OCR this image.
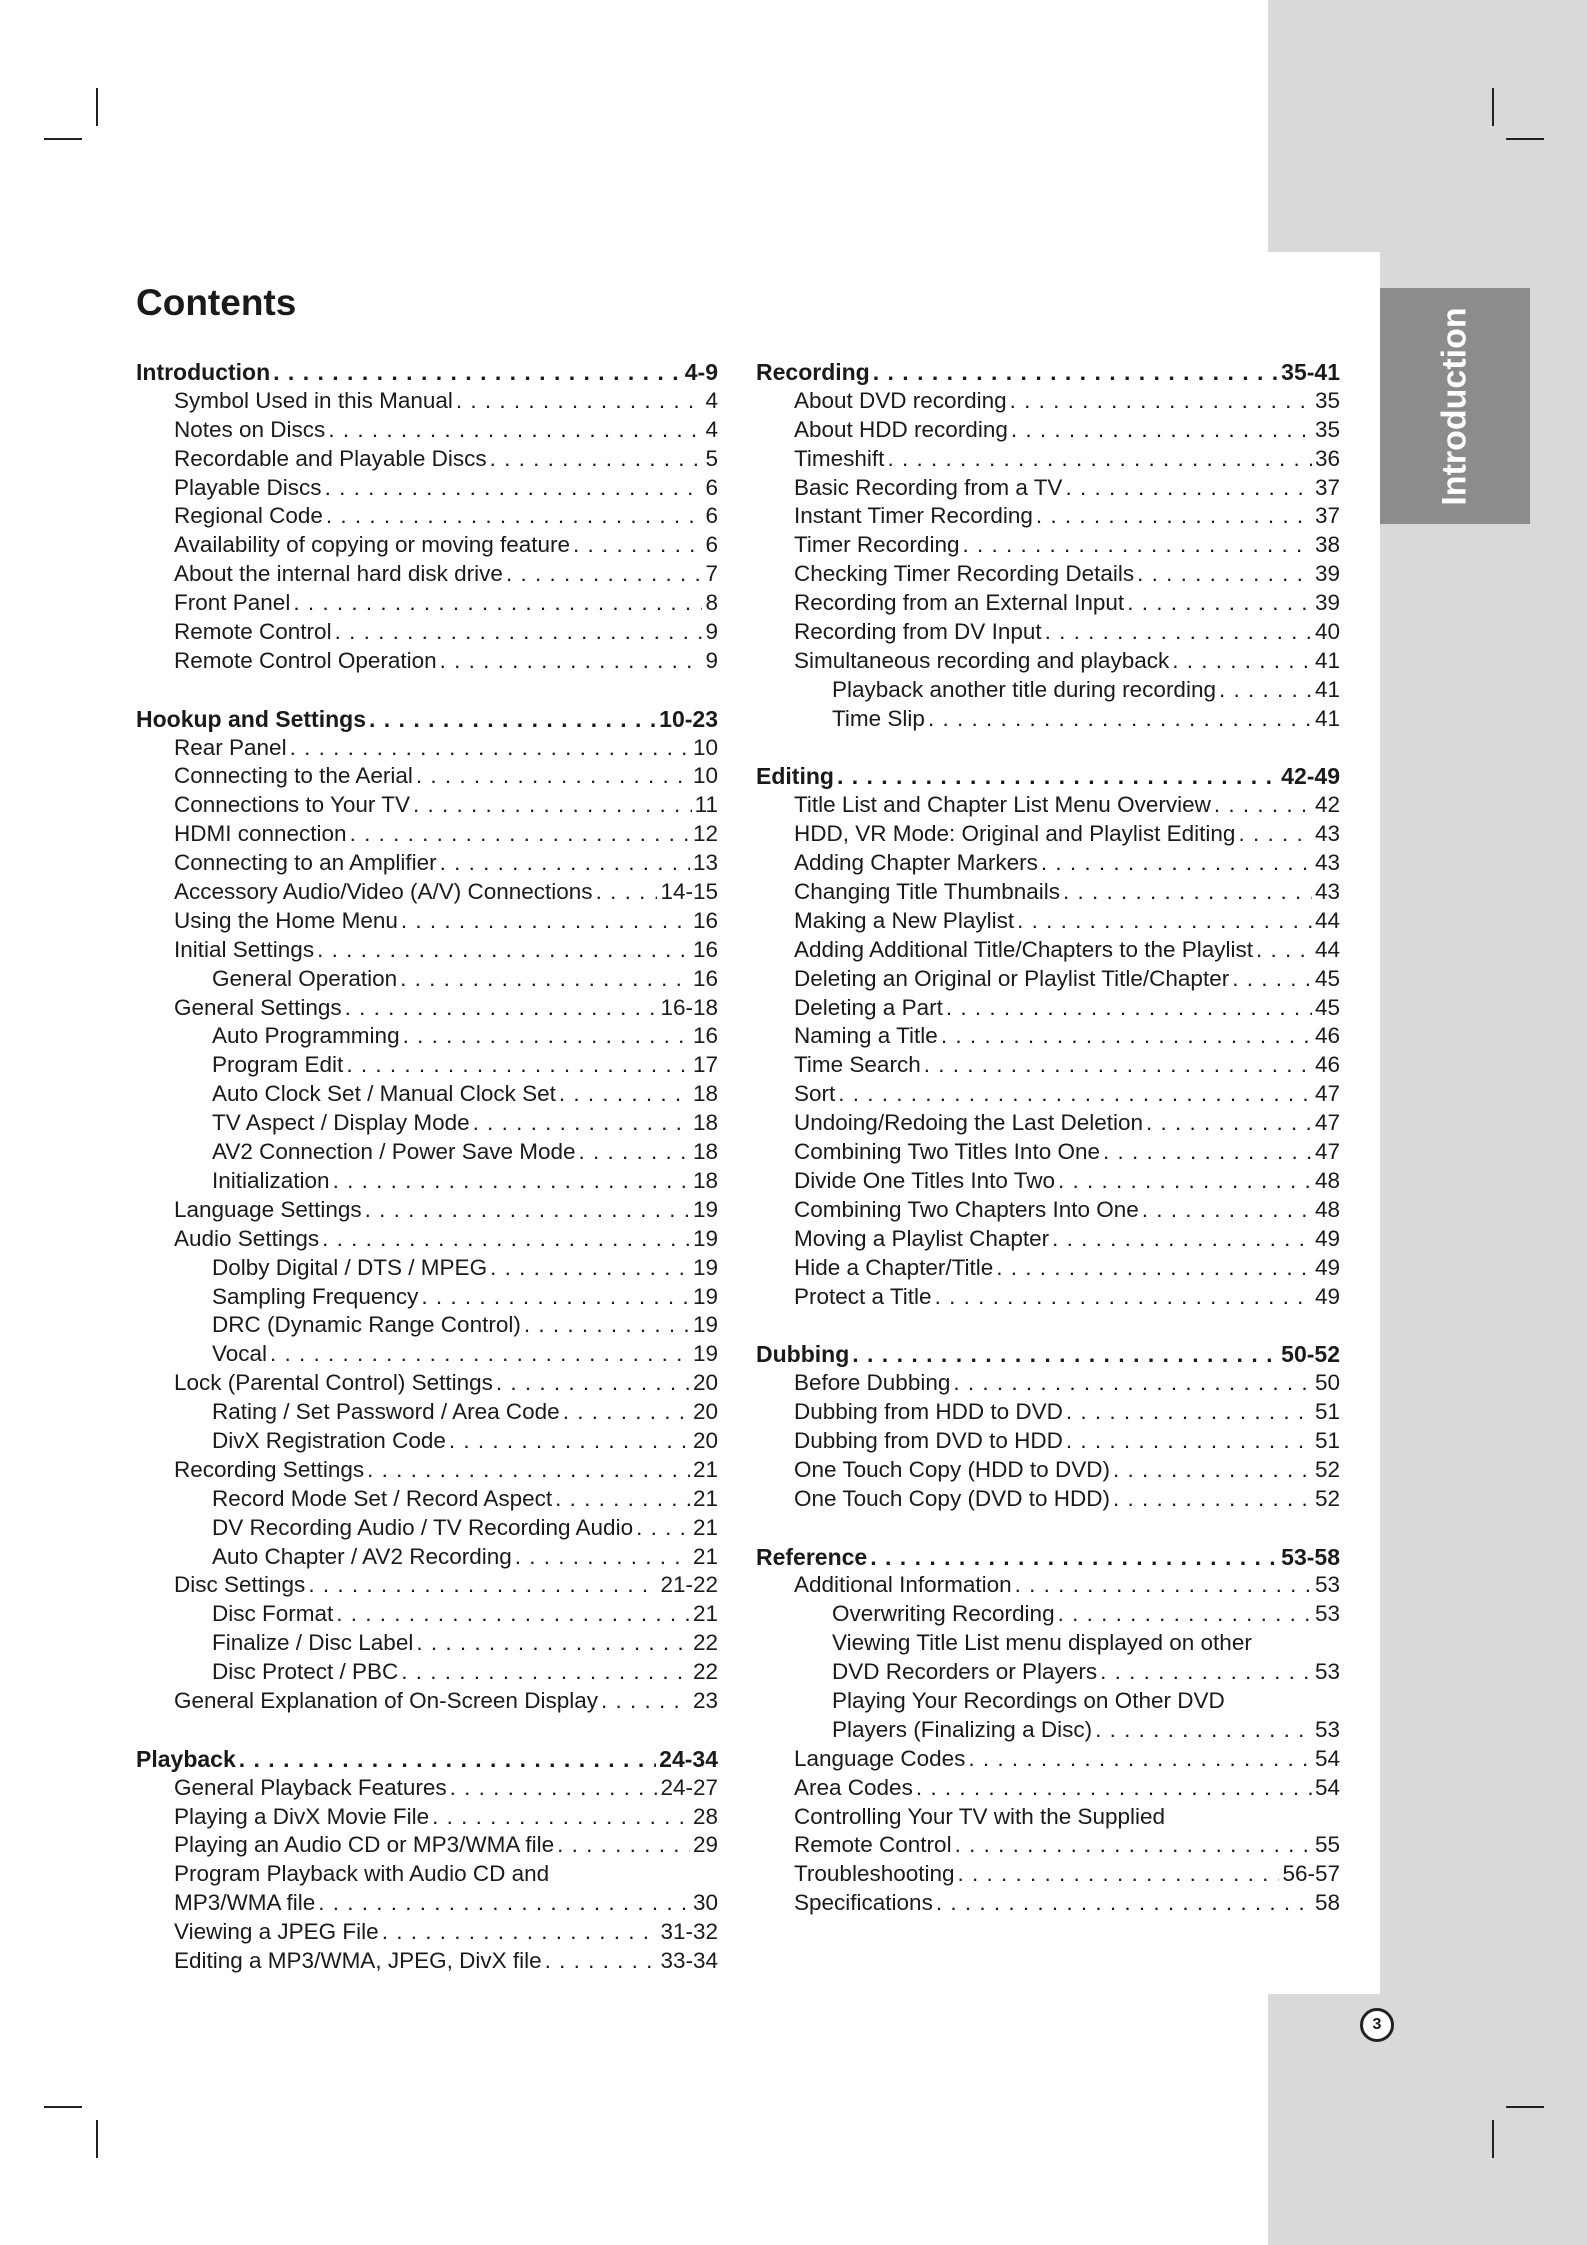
Introduction
Contents
Introduction . . .	4-9
Symbol Used in this Manual . . .	4
Notes on Discs . . .	4
Recordable and Playable Discs . . .	5
Playable Discs . . .	6
Regional Code . . .	6
Availability of copying or moving feature . . .	6
About the internal hard disk drive . . .	7
Front Panel . . .	8
Remote Control . . .	9
Remote Control Operation . . .	9
Hookup and Settings . . .	10-23
Rear Panel . . .	10
Connecting to the Aerial . . .	10
Connections to Your TV . . .	11
HDMI connection . . .	12
Connecting to an Amplifier . . .	13
Accessory Audio/Video (A/V) Connections . . .	14-15
Using the Home Menu . . .	16
Initial Settings . . .	16
General Operation . . .	16
General Settings . . .	16-18
Auto Programming . . .	16
Program Edit . . .	17
Auto Clock Set / Manual Clock Set . . .	18
TV Aspect / Display Mode . . .	18
AV2 Connection / Power Save Mode . . .	18
Initialization . . .	18
Language Settings . . .	19
Audio Settings . . .	19
Dolby Digital / DTS / MPEG . . .	19
Sampling Frequency . . .	19
DRC (Dynamic Range Control) . . .	19
Vocal . . .	19
Lock (Parental Control) Settings . . .	20
Rating / Set Password / Area Code . . .	20
DivX Registration Code . . .	20
Recording Settings . . .	21
Record Mode Set / Record Aspect . . .	21
DV Recording Audio / TV Recording Audio . . .	21
Auto Chapter / AV2 Recording . . .	21
Disc Settings . . .	21-22
Disc Format . . .	21
Finalize / Disc Label . . .	22
Disc Protect / PBC . . .	22
General Explanation of On-Screen Display . . .	23
Playback . . .	24-34
General Playback Features . . .	24-27
Playing a DivX Movie File . . .	28
Playing an Audio CD or MP3/WMA file . . .	29
Program Playback with Audio CD and
MP3/WMA file . . .	30
Viewing a JPEG File . . .	31-32
Editing a MP3/WMA, JPEG, DivX file . . .	33-34
Recording . . .	35-41
About DVD recording . . .	35
About HDD recording . . .	35
Timeshift . . .	36
Basic Recording from a TV . . .	37
Instant Timer Recording . . .	37
Timer Recording . . .	38
Checking Timer Recording Details . . .	39
Recording from an External Input . . .	39
Recording from DV Input . . .	40
Simultaneous recording and playback . . .	41
Playback another title during recording . . .	41
Time Slip . . .	41
Editing . . .	42-49
Title List and Chapter List Menu Overview . . .	42
HDD, VR Mode: Original and Playlist Editing . . .	43
Adding Chapter Markers . . .	43
Changing Title Thumbnails . . .	43
Making a New Playlist . . .	44
Adding Additional Title/Chapters to the Playlist . . .	44
Deleting an Original or Playlist Title/Chapter . . .	45
Deleting a Part . . .	45
Naming a Title . . .	46
Time Search . . .	46
Sort . . .	47
Undoing/Redoing the Last Deletion . . .	47
Combining Two Titles Into One . . .	47
Divide One Titles Into Two . . .	48
Combining Two Chapters Into One . . .	48
Moving a Playlist Chapter . . .	49
Hide a Chapter/Title . . .	49
Protect a Title . . .	49
Dubbing . . .	50-52
Before Dubbing . . .	50
Dubbing from HDD to DVD . . .	51
Dubbing from DVD to HDD . . .	51
One Touch Copy (HDD to DVD) . . .	52
One Touch Copy (DVD to HDD) . . .	52
Reference . . .	53-58
Additional Information . . .	53
Overwriting Recording . . .	53
Viewing Title List menu displayed on other
DVD Recorders or Players . . .	53
Playing Your Recordings on Other DVD
Players (Finalizing a Disc) . . .	53
Language Codes . . .	54
Area Codes . . .	54
Controlling Your TV with the Supplied
Remote Control . . .	55
Troubleshooting . . .	56-57
Specifications . . .	58
3
